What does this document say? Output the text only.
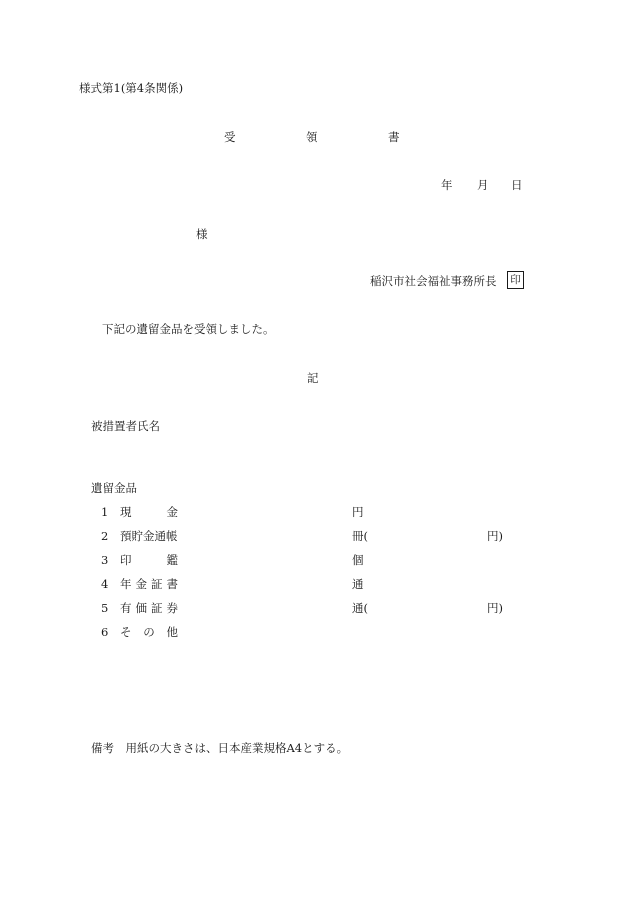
様式第1(第4条関係)
受	領	書
年 月 日
様
稲沢市社会福祉事務所長	印
下記の遺留金品を受領しました。
記
被措置者氏名
遺留金品
1 現	金	円
2 預貯金通帳	冊(	円)
3 印	鑑	個
4 年 金 証 書	通
5 有 価 証 券	通(	円)
6 そ の 他
備考　用紙の大きさは、日本産業規格A4とする。
